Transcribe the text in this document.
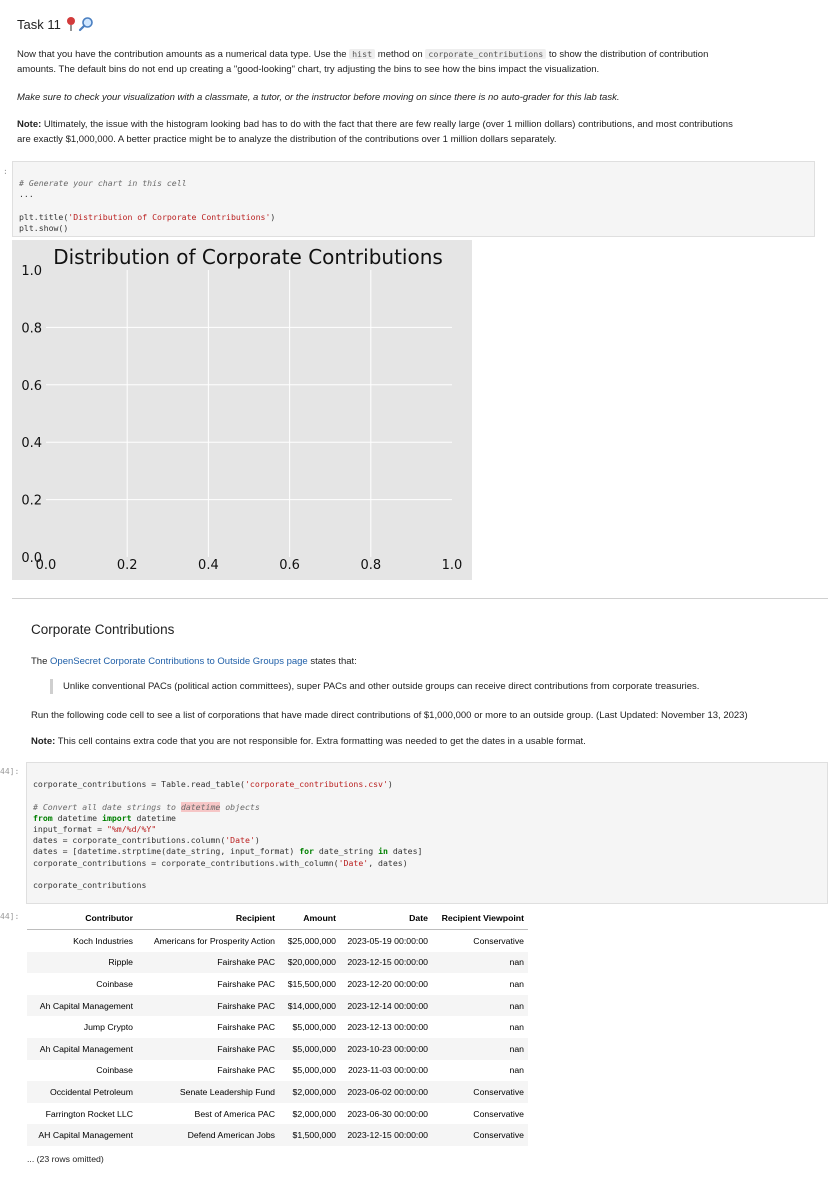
Task 11
Now that you have the contribution amounts as a numerical data type. Use the hist method on corporate_contributions to show the distribution of contribution
amounts. The default bins do not end up creating a "good-looking" chart, try adjusting the bins to see how the bins impact the visualization.
Make sure to check your visualization with a classmate, a tutor, or the instructor before moving on since there is no auto-grader for this lab task.
Note: Ultimately, the issue with the histogram looking bad has to do with the fact that there are few really large (over 1 million dollars) contributions, and most contributions
are exactly $1,000,000. A better practice might be to analyze the distribution of the contributions over 1 million dollars separately.
:

# Generate your chart in this cell
...

plt.title('Distribution of Corporate Contributions')
plt.show()
Distribution of Corporate Contributions
0.0	0.2	0.4	0.6	0.8	1.0
0.0
0.2
0.4
0.6
0.8
1.0
Corporate Contributions
The OpenSecret Corporate Contributions to Outside Groups page states that:
Unlike conventional PACs (political action committees), super PACs and other outside groups can receive direct contributions from corporate treasuries.
Run the following code cell to see a list of corporations that have made direct contributions of $1,000,000 or more to an outside group. (Last Updated: November 13, 2023)
Note: This cell contains extra code that you are not responsible for. Extra formatting was needed to get the dates in a usable format.
44]:

corporate_contributions = Table.read_table('corporate_contributions.csv')

# Convert all date strings to datetime objects
from datetime import datetime
input_format = "%m/%d/%Y"
dates = corporate_contributions.column('Date')
dates = [datetime.strptime(date_string, input_format) for date_string in dates]
corporate_contributions = corporate_contributions.with_column('Date', dates)

corporate_contributions
44]:	Contributor	Recipient	Amount	Date	Recipient Viewpoint
Koch Industries	Americans for Prosperity Action	$25,000,000	2023-05-19 00:00:00	Conservative
Ripple	Fairshake PAC	$20,000,000	2023-12-15 00:00:00	nan
Coinbase	Fairshake PAC	$15,500,000	2023-12-20 00:00:00	nan
Ah Capital Management	Fairshake PAC	$14,000,000	2023-12-14 00:00:00	nan
Jump Crypto	Fairshake PAC	$5,000,000	2023-12-13 00:00:00	nan
Ah Capital Management	Fairshake PAC	$5,000,000	2023-10-23 00:00:00	nan
Coinbase	Fairshake PAC	$5,000,000	2023-11-03 00:00:00	nan
Occidental Petroleum	Senate Leadership Fund	$2,000,000	2023-06-02 00:00:00	Conservative
Farrington Rocket LLC	Best of America PAC	$2,000,000	2023-06-30 00:00:00	Conservative
AH Capital Management	Defend American Jobs	$1,500,000	2023-12-15 00:00:00	Conservative
... (23 rows omitted)
